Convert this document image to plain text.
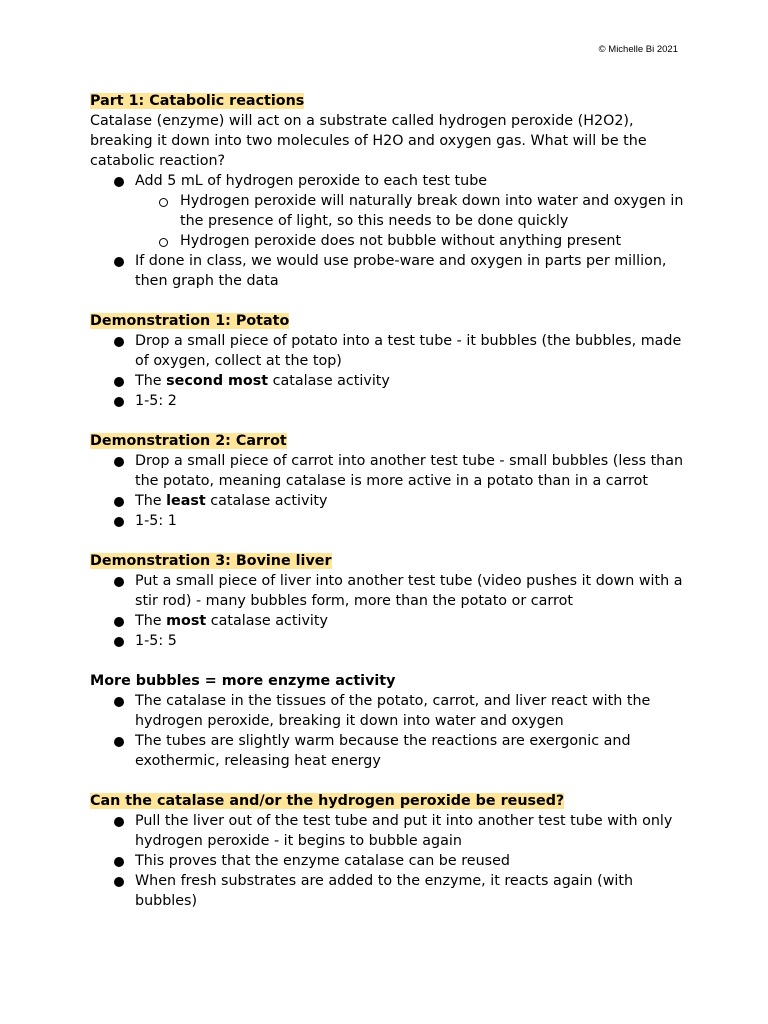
© Michelle Bi 2021

Part 1: Catabolic reactions

Catalase (enzyme) will act on a substrate called hydrogen peroxide (H2O2), breaking it down into two molecules of H2O and oxygen gas. What will be the catabolic reaction?

Add 5 mL of hydrogen peroxide to each test tube
Hydrogen peroxide will naturally break down into water and oxygen in the presence of light, so this needs to be done quickly
Hydrogen peroxide does not bubble without anything present
If done in class, we would use probe-ware and oxygen in parts per million, then graph the data

Demonstration 1: Potato

Drop a small piece of potato into a test tube - it bubbles (the bubbles, made of oxygen, collect at the top)
The second most catalase activity
1-5: 2

Demonstration 2: Carrot

Drop a small piece of carrot into another test tube - small bubbles (less than the potato, meaning catalase is more active in a potato than in a carrot
The least catalase activity
1-5: 1

Demonstration 3: Bovine liver

Put a small piece of liver into another test tube (video pushes it down with a stir rod) - many bubbles form, more than the potato or carrot
The most catalase activity
1-5: 5

More bubbles = more enzyme activity

The catalase in the tissues of the potato, carrot, and liver react with the hydrogen peroxide, breaking it down into water and oxygen
The tubes are slightly warm because the reactions are exergonic and exothermic, releasing heat energy

Can the catalase and/or the hydrogen peroxide be reused?

Pull the liver out of the test tube and put it into another test tube with only hydrogen peroxide - it begins to bubble again
This proves that the enzyme catalase can be reused
When fresh substrates are added to the enzyme, it reacts again (with bubbles)
